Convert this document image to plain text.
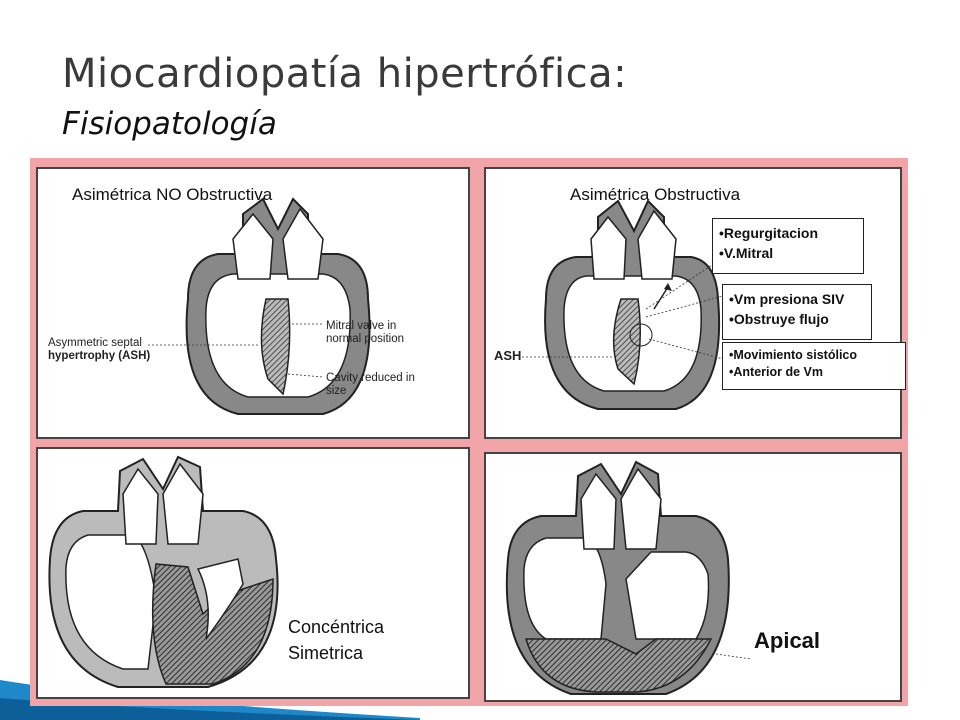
Miocardiopatía hipertrófica:
Fisiopatología
Asimétrica NO Obstructiva
Asymmetric septal
hypertrophy (ASH)
Mitral valve in
normal position
Cavity reduced in
size
Asimétrica Obstructiva
ASH
•Regurgitacion
•V.Mitral
•Vm presiona SIV
•Obstruye flujo
•Movimiento sistólico
•Anterior de Vm
Concéntrica
Simetrica	Apical
